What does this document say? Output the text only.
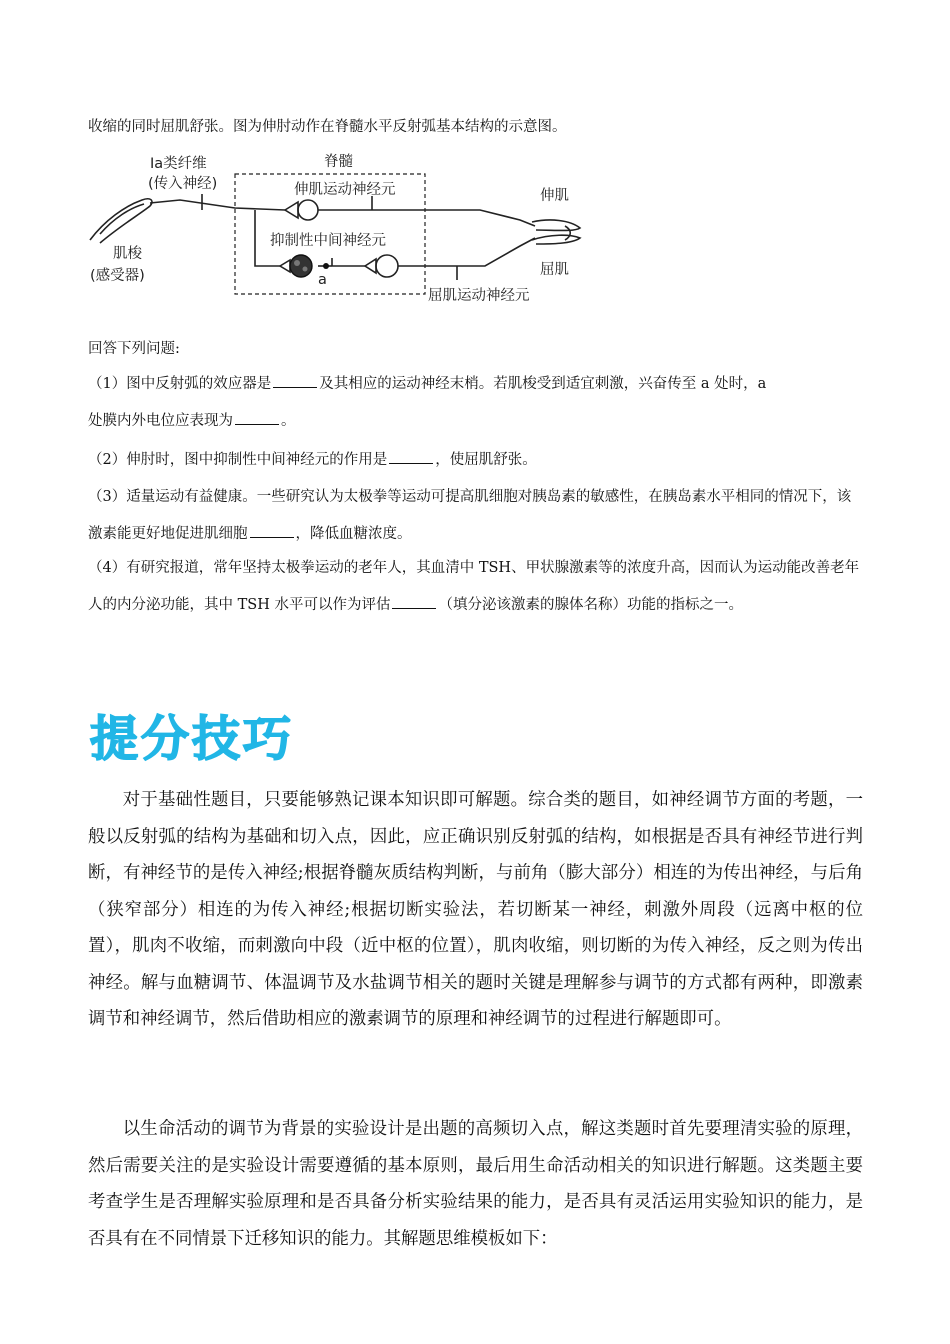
收缩的同时屈肌舒张。图为伸肘动作在脊髓水平反射弧基本结构的示意图。

Ⅰa类纤维
(传入神经)
脊髓
伸肌运动神经元
抑制性中间神经元
肌梭
(感受器)	a
伸肌
屈肌
屈肌运动神经元

回答下列问题:

（1）图中反射弧的效应器是	及其相应的运动神经末梢。若肌梭受到适宜刺激，兴奋传至 a 处时，a
处膜内外电位应表现为	。

（2）伸肘时，图中抑制性中间神经元的作用是	，使屈肌舒张。

（3）适量运动有益健康。一些研究认为太极拳等运动可提高肌细胞对胰岛素的敏感性，在胰岛素水平相同的情况下，该激素能更好地促进肌细胞	，降低血糖浓度。

（4）有研究报道，常年坚持太极拳运动的老年人，其血清中 TSH、甲状腺激素等的浓度升高，因而认为运动能改善老年人的内分泌功能，其中 TSH 水平可以作为评估	（填分泌该激素的腺体名称）功能的指标之一。

提分技巧

对于基础性题目，只要能够熟记课本知识即可解题。综合类的题目，如神经调节方面的考题，一般以反射弧的结构为基础和切入点，因此，应正确识别反射弧的结构，如根据是否具有神经节进行判断，有神经节的是传入神经;根据脊髓灰质结构判断，与前角（膨大部分）相连的为传出神经，与后角（狭窄部分）相连的为传入神经;根据切断实验法，若切断某一神经，刺激外周段（远离中枢的位置），肌肉不收缩，而刺激向中段（近中枢的位置），肌肉收缩，则切断的为传入神经，反之则为传出神经。解与血糖调节、体温调节及水盐调节相关的题时关键是理解参与调节的方式都有两种，即激素调节和神经调节，然后借助相应的激素调节的原理和神经调节的过程进行解题即可。

以生命活动的调节为背景的实验设计是出题的高频切入点，解这类题时首先要理清实验的原理，然后需要关注的是实验设计需要遵循的基本原则，最后用生命活动相关的知识进行解题。这类题主要考查学生是否理解实验原理和是否具备分析实验结果的能力，是否具有灵活运用实验知识的能力，是否具有在不同情景下迁移知识的能力。其解题思维模板如下：
